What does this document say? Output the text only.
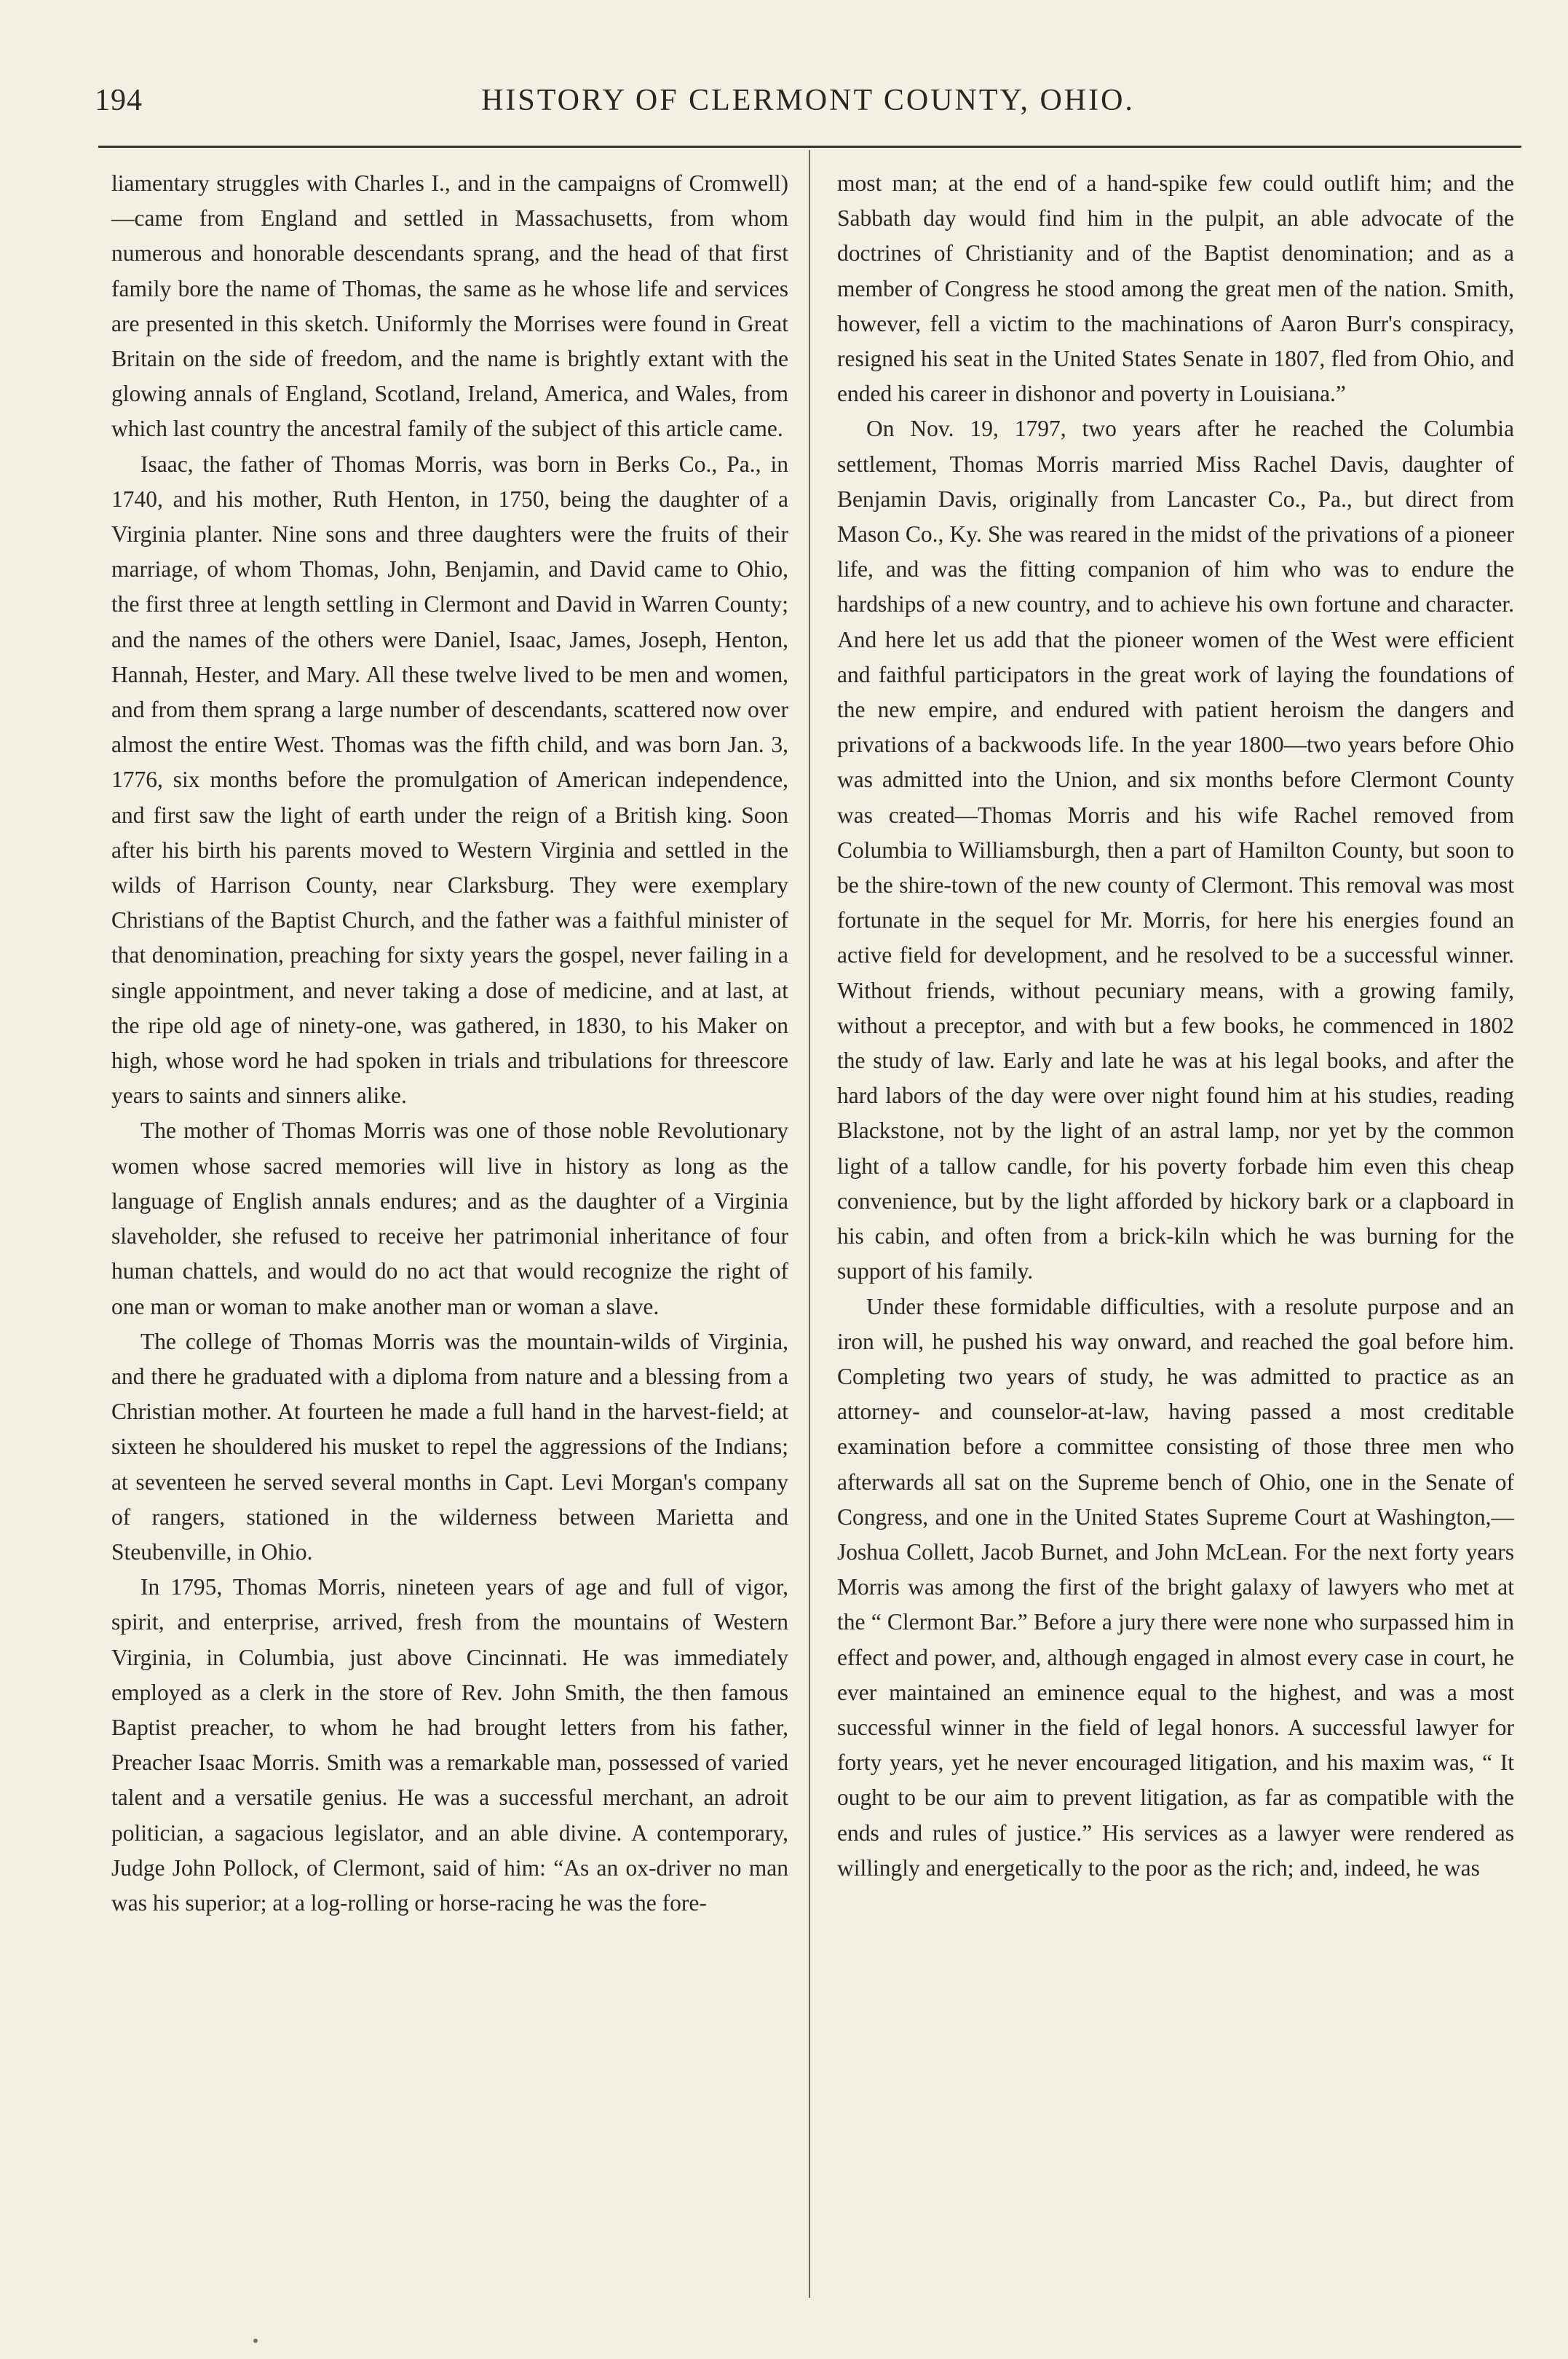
194	HISTORY OF CLERMONT COUNTY, OHIO.

liamentary struggles with Charles I., and in the campaigns of Cromwell)—came from England and settled in Massachusetts, from whom numerous and honorable descendants sprang, and the head of that first family bore the name of Thomas, the same as he whose life and services are presented in this sketch. Uniformly the Morrises were found in Great Britain on the side of freedom, and the name is brightly extant with the glowing annals of England, Scotland, Ireland, America, and Wales, from which last country the ancestral family of the subject of this article came.

Isaac, the father of Thomas Morris, was born in Berks Co., Pa., in 1740, and his mother, Ruth Henton, in 1750, being the daughter of a Virginia planter. Nine sons and three daughters were the fruits of their marriage, of whom Thomas, John, Benjamin, and David came to Ohio, the first three at length settling in Clermont and David in Warren County; and the names of the others were Daniel, Isaac, James, Joseph, Henton, Hannah, Hester, and Mary. All these twelve lived to be men and women, and from them sprang a large number of descendants, scattered now over almost the entire West. Thomas was the fifth child, and was born Jan. 3, 1776, six months before the promulgation of American independence, and first saw the light of earth under the reign of a British king. Soon after his birth his parents moved to Western Virginia and settled in the wilds of Harrison County, near Clarksburg. They were exemplary Christians of the Baptist Church, and the father was a faithful minister of that denomination, preaching for sixty years the gospel, never failing in a single appointment, and never taking a dose of medicine, and at last, at the ripe old age of ninety-one, was gathered, in 1830, to his Maker on high, whose word he had spoken in trials and tribulations for threescore years to saints and sinners alike.

The mother of Thomas Morris was one of those noble Revolutionary women whose sacred memories will live in history as long as the language of English annals endures; and as the daughter of a Virginia slaveholder, she refused to receive her patrimonial inheritance of four human chattels, and would do no act that would recognize the right of one man or woman to make another man or woman a slave.

The college of Thomas Morris was the mountain-wilds of Virginia, and there he graduated with a diploma from nature and a blessing from a Christian mother. At fourteen he made a full hand in the harvest-field; at sixteen he shouldered his musket to repel the aggressions of the Indians; at seventeen he served several months in Capt. Levi Morgan's company of rangers, stationed in the wilderness between Marietta and Steubenville, in Ohio.

In 1795, Thomas Morris, nineteen years of age and full of vigor, spirit, and enterprise, arrived, fresh from the mountains of Western Virginia, in Columbia, just above Cincinnati. He was immediately employed as a clerk in the store of Rev. John Smith, the then famous Baptist preacher, to whom he had brought letters from his father, Preacher Isaac Morris. Smith was a remarkable man, possessed of varied talent and a versatile genius. He was a successful merchant, an adroit politician, a sagacious legislator, and an able divine. A contemporary, Judge John Pollock, of Clermont, said of him: “As an ox-driver no man was his superior; at a log-rolling or horse-racing he was the fore-

most man; at the end of a hand-spike few could outlift him; and the Sabbath day would find him in the pulpit, an able advocate of the doctrines of Christianity and of the Baptist denomination; and as a member of Congress he stood among the great men of the nation. Smith, however, fell a victim to the machinations of Aaron Burr's conspiracy, resigned his seat in the United States Senate in 1807, fled from Ohio, and ended his career in dishonor and poverty in Louisiana.”

On Nov. 19, 1797, two years after he reached the Columbia settlement, Thomas Morris married Miss Rachel Davis, daughter of Benjamin Davis, originally from Lancaster Co., Pa., but direct from Mason Co., Ky. She was reared in the midst of the privations of a pioneer life, and was the fitting companion of him who was to endure the hardships of a new country, and to achieve his own fortune and character. And here let us add that the pioneer women of the West were efficient and faithful participators in the great work of laying the foundations of the new empire, and endured with patient heroism the dangers and privations of a backwoods life. In the year 1800—two years before Ohio was admitted into the Union, and six months before Clermont County was created—Thomas Morris and his wife Rachel removed from Columbia to Williamsburgh, then a part of Hamilton County, but soon to be the shire-town of the new county of Clermont. This removal was most fortunate in the sequel for Mr. Morris, for here his energies found an active field for development, and he resolved to be a successful winner. Without friends, without pecuniary means, with a growing family, without a preceptor, and with but a few books, he commenced in 1802 the study of law. Early and late he was at his legal books, and after the hard labors of the day were over night found him at his studies, reading Blackstone, not by the light of an astral lamp, nor yet by the common light of a tallow candle, for his poverty forbade him even this cheap convenience, but by the light afforded by hickory bark or a clapboard in his cabin, and often from a brick-kiln which he was burning for the support of his family.

Under these formidable difficulties, with a resolute purpose and an iron will, he pushed his way onward, and reached the goal before him. Completing two years of study, he was admitted to practice as an attorney- and counselor-at-law, having passed a most creditable examination before a committee consisting of those three men who afterwards all sat on the Supreme bench of Ohio, one in the Senate of Congress, and one in the United States Supreme Court at Washington,—Joshua Collett, Jacob Burnet, and John McLean. For the next forty years Morris was among the first of the bright galaxy of lawyers who met at the “ Clermont Bar.” Before a jury there were none who surpassed him in effect and power, and, although engaged in almost every case in court, he ever maintained an eminence equal to the highest, and was a most successful winner in the field of legal honors. A successful lawyer for forty years, yet he never encouraged litigation, and his maxim was, “ It ought to be our aim to prevent litigation, as far as compatible with the ends and rules of justice.” His services as a lawyer were rendered as willingly and energetically to the poor as the rich; and, indeed, he was
